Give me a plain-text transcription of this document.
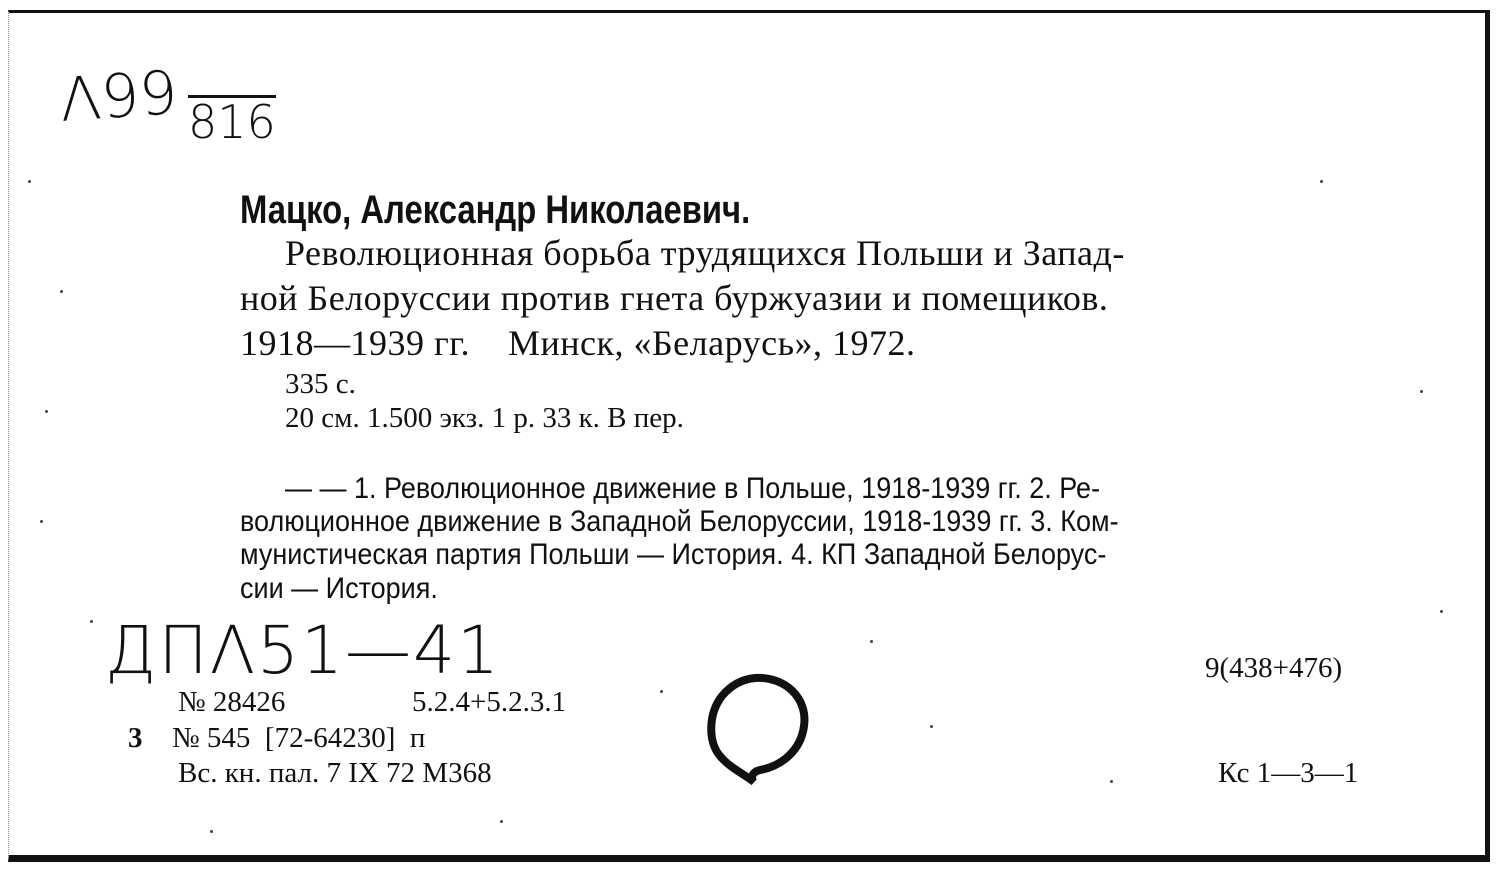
Λ99 816
Мацко, Александр Николаевич.
Революционная борьба трудящихся Польши и Запад-
ной Белоруссии против гнета буржуазии и помещиков.
1918—1939 гг.    Минск, «Беларусь», 1972.
335 с.
20 см. 1.500 экз. 1 р. 33 к. В пер.
— — 1. Революционное движение в Польше, 1918-1939 гг. 2. Ре-
волюционное движение в Западной Белоруссии, 1918-1939 гг. 3. Ком-
мунистическая партия Польши — История. 4. КП Западной Белорус-
сии — История.
ДПΛ51—41
№ 28426	5.2.4+5.2.3.1
3 № 545  [72-64230]  п
Вс. кн. пал. 7 IX 72 М368
9(438+476)
Кс 1—3—1
